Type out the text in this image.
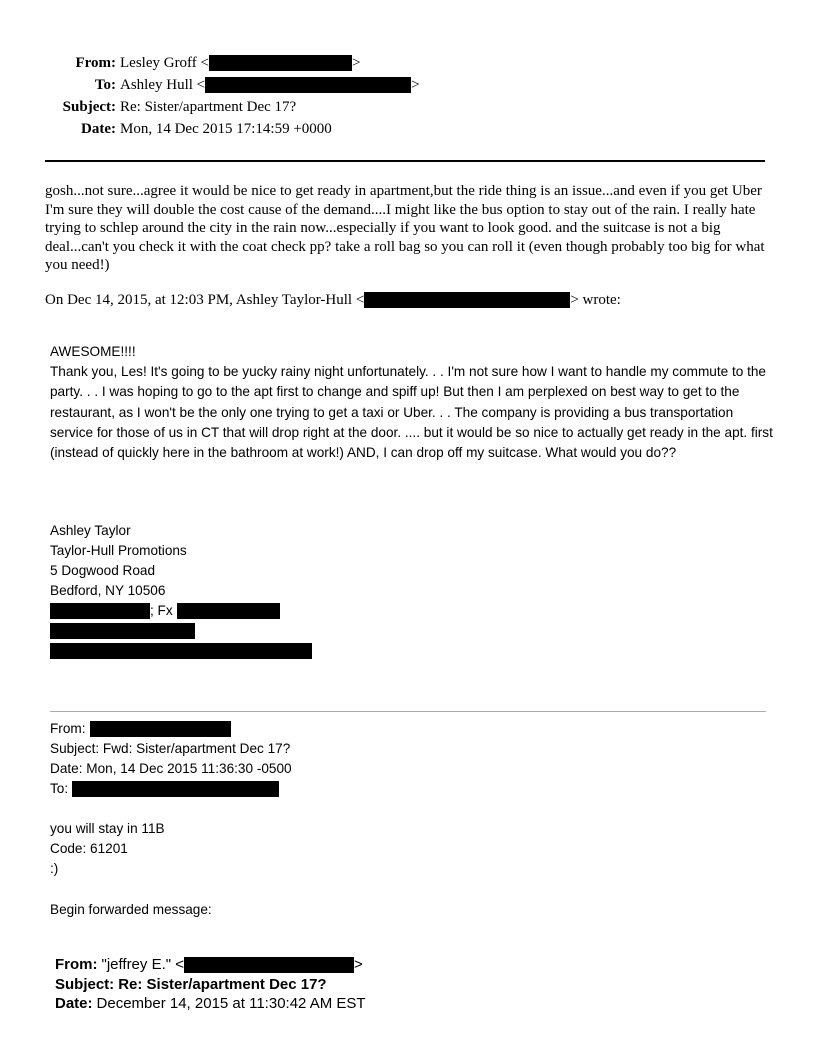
From: Lesley Groff <	>
To: Ashley Hull <	>
Subject: Re: Sister/apartment Dec 17?
Date: Mon, 14 Dec 2015 17:14:59 +0000
gosh...not sure...agree it would be nice to get ready in apartment,but the ride thing is an issue...and even if you get Uber I'm sure they will double the cost cause of the demand....I might like the bus option to stay out of the rain. I really hate trying to schlep around the city in the rain now...especially if you want to look good. and the suitcase is not a big deal...can't you check it with the coat check pp? take a roll bag so you can roll it (even though probably too big for what you need!)
On Dec 14, 2015, at 12:03 PM, Ashley Taylor-Hull <	> wrote:

AWESOME!!!!

Thank you, Les! It's going to be yucky rainy night unfortunately. . . I'm not sure how I want to handle my commute to the party. . . I was hoping to go to the apt first to change and spiff up! But then I am perplexed on best way to get to the restaurant, as I won't be the only one trying to get a taxi or Uber. . . The company is providing a bus transportation service for those of us in CT that will drop right at the door. .... but it would be so nice to actually get ready in the apt. first (instead of quickly here in the bathroom at work!) AND, I can drop off my suitcase. What would you do??

Ashley Taylor
Taylor-Hull Promotions
5 Dogwood Road
Bedford, NY 10506
; Fx
From:
Subject: Fwd: Sister/apartment Dec 17?
Date: Mon, 14 Dec 2015 11:36:30 -0500
To:
you will stay in 11B
Code: 61201
:)
Begin forwarded message:
From: "jeffrey E." <	>
Subject: Re: Sister/apartment Dec 17?
Date: December 14, 2015 at 11:30:42 AM EST
